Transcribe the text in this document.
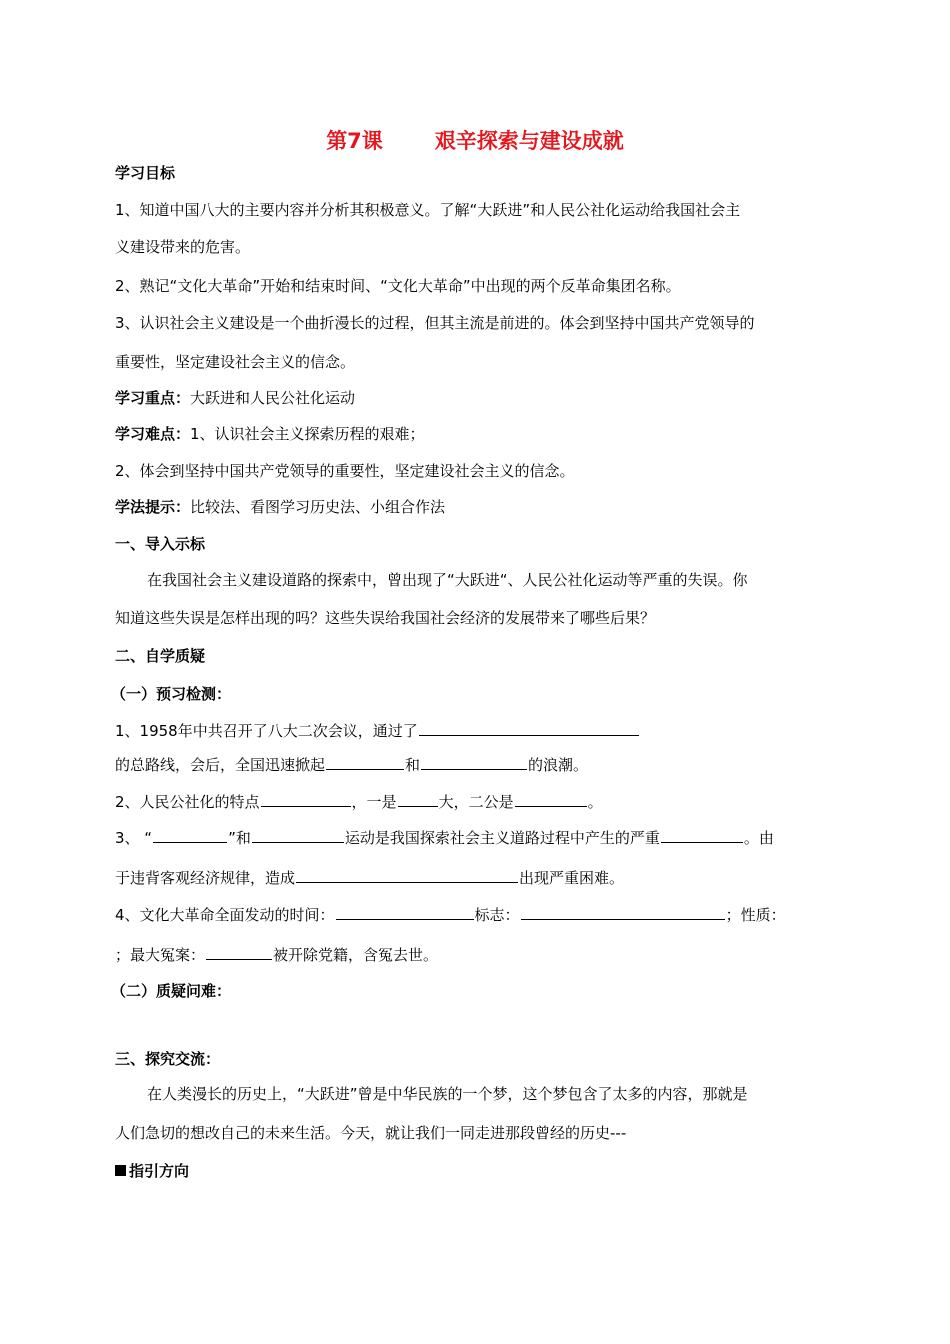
第7课 艰辛探索与建设成就
学习目标
1、知道中国八大的主要内容并分析其积极意义。了解“大跃进”和人民公社化运动给我国社会主
义建设带来的危害。
2、熟记“文化大革命”开始和结束时间、“文化大革命”中出现的两个反革命集团名称。
3、认识社会主义建设是一个曲折漫长的过程，但其主流是前进的。体会到坚持中国共产党领导的
重要性，坚定建设社会主义的信念。
学习重点：大跃进和人民公社化运动
学习难点：1、认识社会主义探索历程的艰难；
2、体会到坚持中国共产党领导的重要性，坚定建设社会主义的信念。
学法提示：比较法、看图学习历史法、小组合作法
一、导入示标
在我国社会主义建设道路的探索中，曾出现了“大跃进“、人民公社化运动等严重的失误。你
知道这些失误是怎样出现的吗？这些失误给我国社会经济的发展带来了哪些后果？
二、自学质疑
（一）预习检测：
1、1958年中共召开了八大二次会议，通过了
的总路线，会后，全国迅速掀起	和	的浪潮。
2、人民公社化的特点	，一是	大，二公是	。
3、 “	”和	运动是我国探索社会主义道路过程中产生的严重	。由
于违背客观经济规律，造成	出现严重困难。
4、文化大革命全面发动的时间：	标志：	；性质：
；最大冤案：	被开除党籍，含冤去世。
（二）质疑问难：
三、探究交流：
在人类漫长的历史上，“大跃进”曾是中华民族的一个梦，这个梦包含了太多的内容，那就是
人们急切的想改自己的未来生活。今天，就让我们一同走进那段曾经的历史---
指引方向
